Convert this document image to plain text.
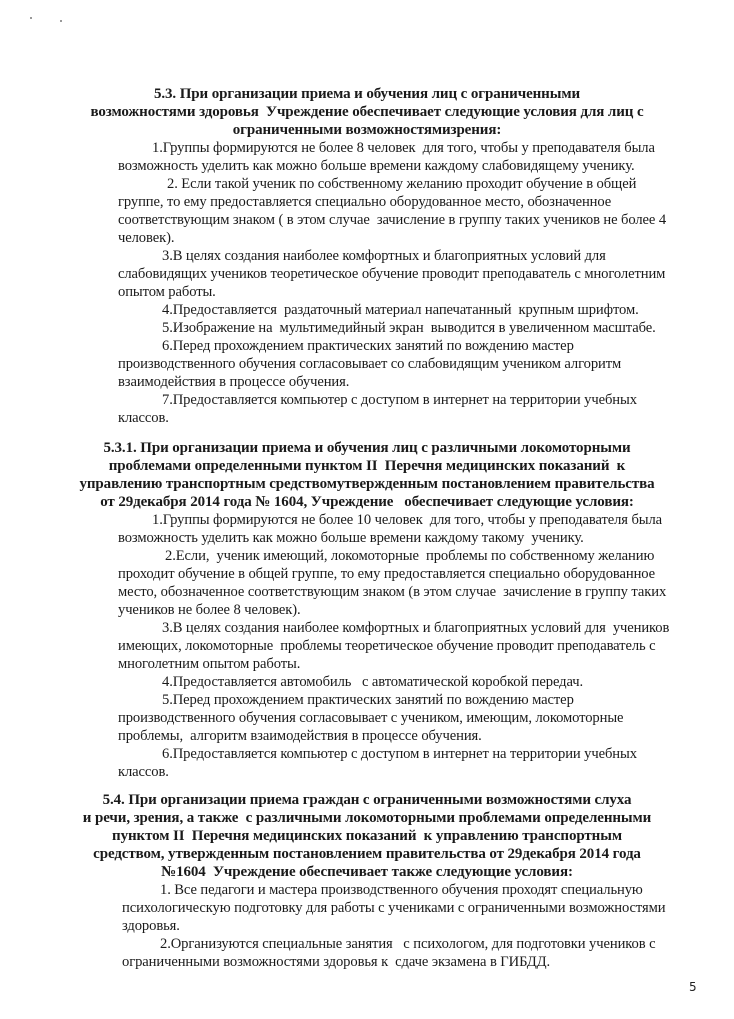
5.3. При организации приема и обучения лиц с ограниченными
возможностями здоровья  Учреждение обеспечивает следующие условия для лиц с
ограниченными возможностямизрения:
1.Группы формируются не более 8 человек  для того, чтобы у преподавателя была
возможность уделить как можно больше времени каждому слабовидящему ученику.
2. Если такой ученик по собственному желанию проходит обучение в общей
группе, то ему предоставляется специально оборудованное место, обозначенное
соответствующим знаком ( в этом случае  зачисление в группу таких учеников не более 4
человек).
3.В целях создания наиболее комфортных и благоприятных условий для
слабовидящих учеников теоретическое обучение проводит преподаватель с многолетним
опытом работы.
4.Предоставляется  раздаточный материал напечатанный  крупным шрифтом.
5.Изображение на  мультимедийный экран  выводится в увеличенном масштабе.
6.Перед прохождением практических занятий по вождению мастер
производственного обучения согласовывает со слабовидящим учеником алгоритм
взаимодействия в процессе обучения.
7.Предоставляется компьютер с доступом в интернет на территории учебных
классов.
5.3.1. При организации приема и обучения лиц с различными локомоторными
проблемами определенными пунктом II  Перечня медицинских показаний  к
управлению транспортным средствомутвержденным постановлением правительства
от 29декабря 2014 года № 1604, Учреждение   обеспечивает следующие условия:
1.Группы формируются не более 10 человек  для того, чтобы у преподавателя была
возможность уделить как можно больше времени каждому такому  ученику.
2.Если,  ученик имеющий, локомоторные  проблемы по собственному желанию
проходит обучение в общей группе, то ему предоставляется специально оборудованное
место, обозначенное соответствующим знаком (в этом случае  зачисление в группу таких
учеников не более 8 человек).
3.В целях создания наиболее комфортных и благоприятных условий для  учеников
имеющих, локомоторные  проблемы теоретическое обучение проводит преподаватель с
многолетним опытом работы.
4.Предоставляется автомобиль   с автоматической коробкой передач.
5.Перед прохождением практических занятий по вождению мастер
производственного обучения согласовывает с учеником, имеющим, локомоторные
проблемы,  алгоритм взаимодействия в процессе обучения.
6.Предоставляется компьютер с доступом в интернет на территории учебных
классов.
5.4. При организации приема граждан с ограниченными возможностями слуха
и речи, зрения, а также  с различными локомоторными проблемами определенными
пунктом II  Перечня медицинских показаний  к управлению транспортным
средством, утвержденным постановлением правительства от 29декабря 2014 года
№1604  Учреждение обеспечивает также следующие условия:
1. Все педагоги и мастера производственного обучения проходят специальную
психологическую подготовку для работы с учениками с ограниченными возможностями
здоровья.
2.Организуются специальные занятия   с психологом, для подготовки учеников с
ограниченными возможностями здоровья к  сдаче экзамена в ГИБДД.
5
